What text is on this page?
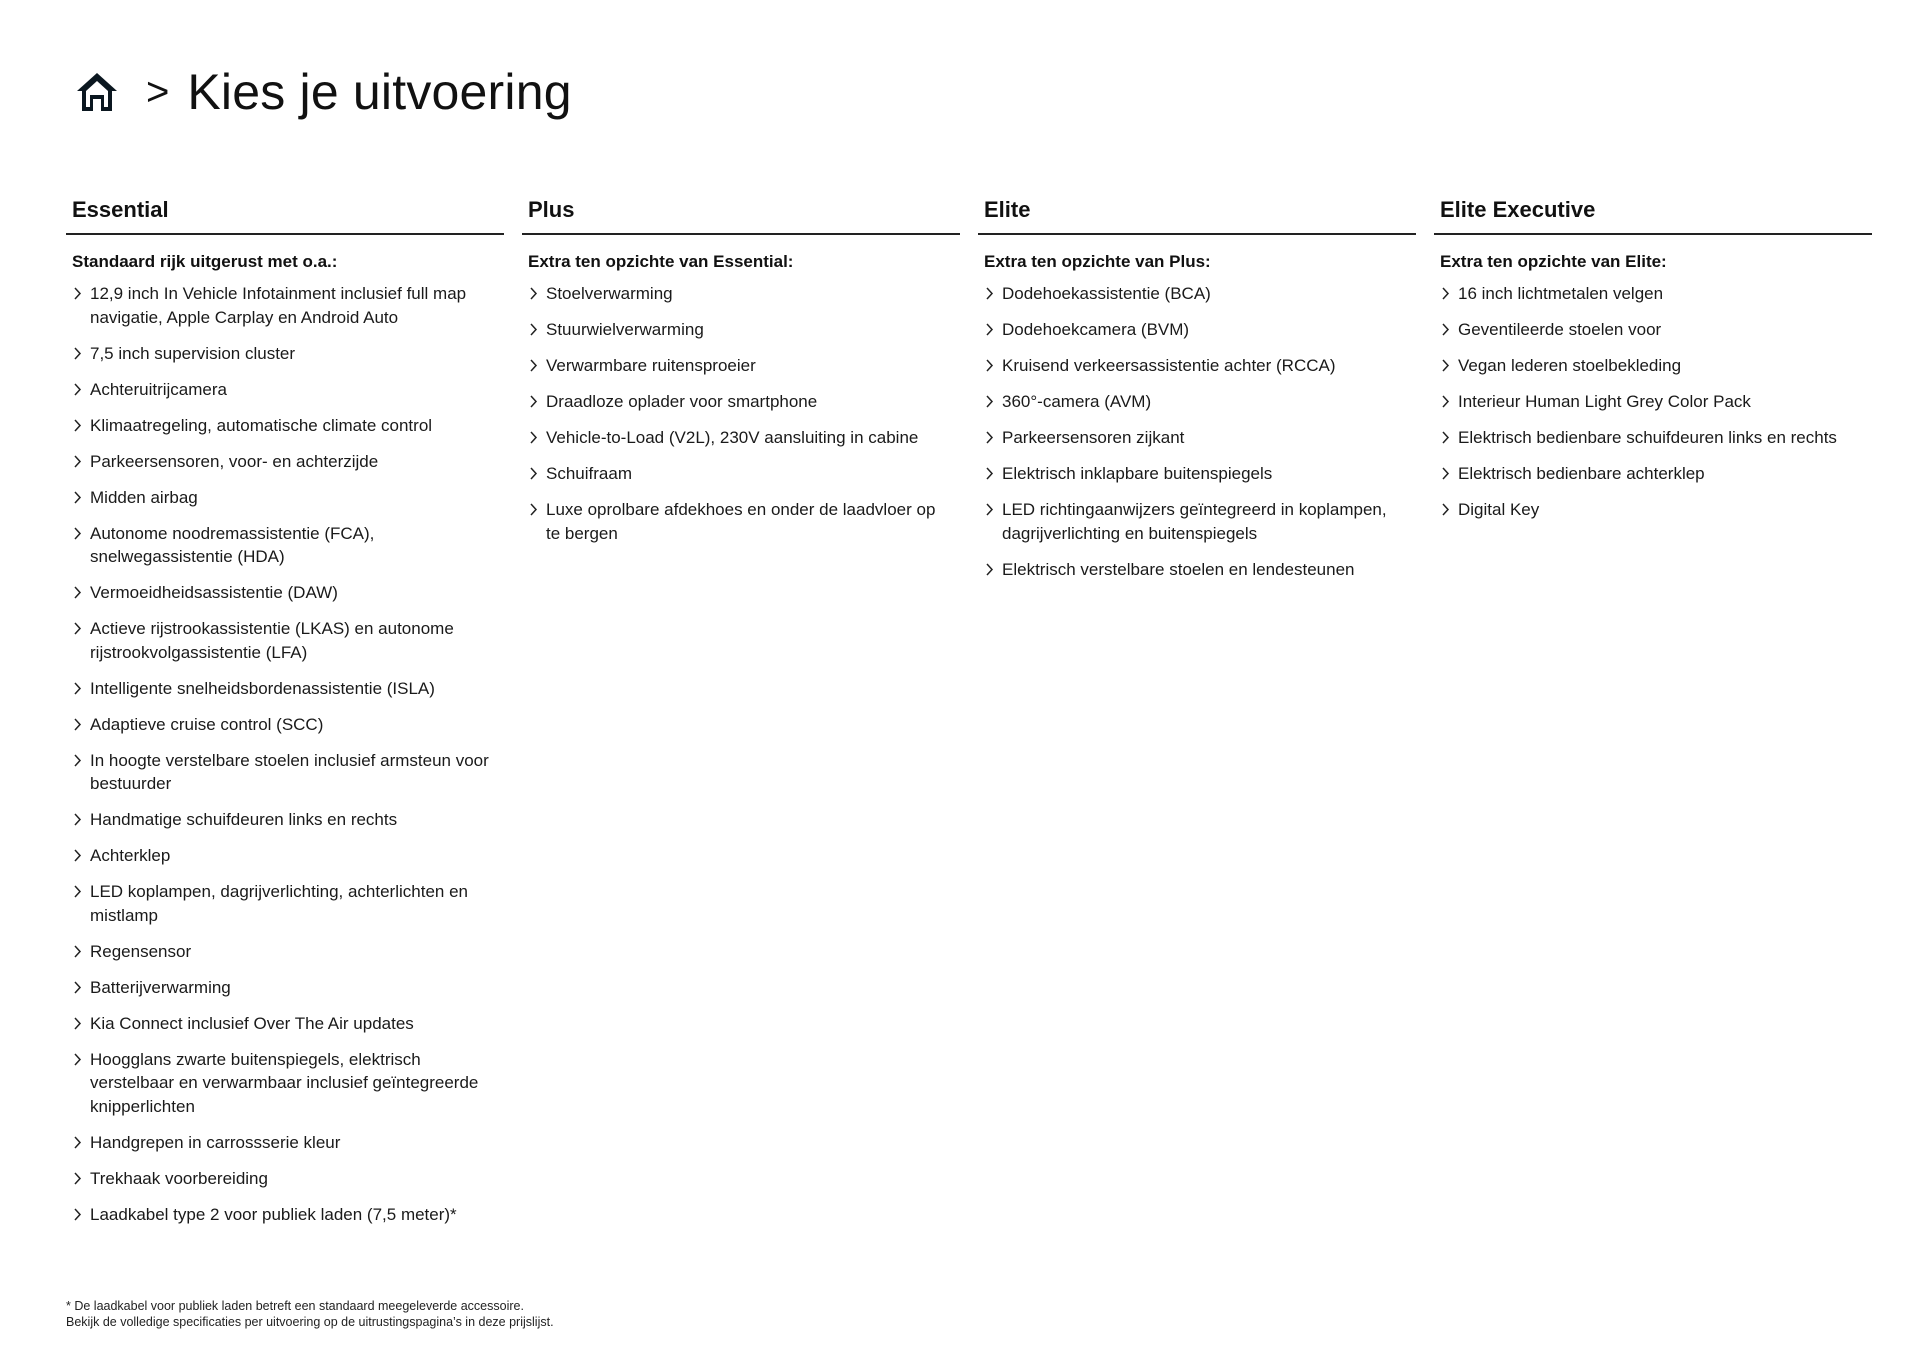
> Kies je uitvoering
Essential
Standaard rijk uitgerust met o.a.:
12,9 inch In Vehicle Infotainment inclusief full map navigatie, Apple Carplay en Android Auto
7,5 inch supervision cluster
Achteruitrijcamera
Klimaatregeling, automatische climate control
Parkeersensoren, voor- en achterzijde
Midden airbag
Autonome noodremassistentie (FCA), snelwegassistentie (HDA)
Vermoeidheidsassistentie (DAW)
Actieve rijstrookassistentie (LKAS) en autonome rijstrookvolgassistentie (LFA)
Intelligente snelheidsbordenassistentie (ISLA)
Adaptieve cruise control (SCC)
In hoogte verstelbare stoelen inclusief armsteun voor bestuurder
Handmatige schuifdeuren links en rechts
Achterklep
LED koplampen, dagrijverlichting, achterlichten en mistlamp
Regensensor
Batterijverwarming
Kia Connect inclusief Over The Air updates
Hoogglans zwarte buitenspiegels, elektrisch verstelbaar en verwarmbaar inclusief geïntegreerde knipperlichten
Handgrepen in carrossserie kleur
Trekhaak voorbereiding
Laadkabel type 2 voor publiek laden (7,5 meter)*
Plus
Extra ten opzichte van Essential:
Stoelverwarming
Stuurwielverwarming
Verwarmbare ruitensproeier
Draadloze oplader voor smartphone
Vehicle-to-Load (V2L), 230V aansluiting in cabine
Schuifraam
Luxe oprolbare afdekhoes en onder de laadvloer op te bergen
Elite
Extra ten opzichte van Plus:
Dodehoekassistentie (BCA)
Dodehoekcamera (BVM)
Kruisend verkeersassistentie achter (RCCA)
360°-camera (AVM)
Parkeersensoren zijkant
Elektrisch inklapbare buitenspiegels
LED richtingaanwijzers geïntegreerd in koplampen, dagrijverlichting en buitenspiegels
Elektrisch verstelbare stoelen en lendesteunen
Elite Executive
Extra ten opzichte van Elite:
16 inch lichtmetalen velgen
Geventileerde stoelen voor
Vegan lederen stoelbekleding
Interieur Human Light Grey Color Pack
Elektrisch bedienbare schuifdeuren links en rechts
Elektrisch bedienbare achterklep
Digital Key
* De laadkabel voor publiek laden betreft een standaard meegeleverde accessoire.
Bekijk de volledige specificaties per uitvoering op de uitrustingspagina’s in deze prijslijst.
